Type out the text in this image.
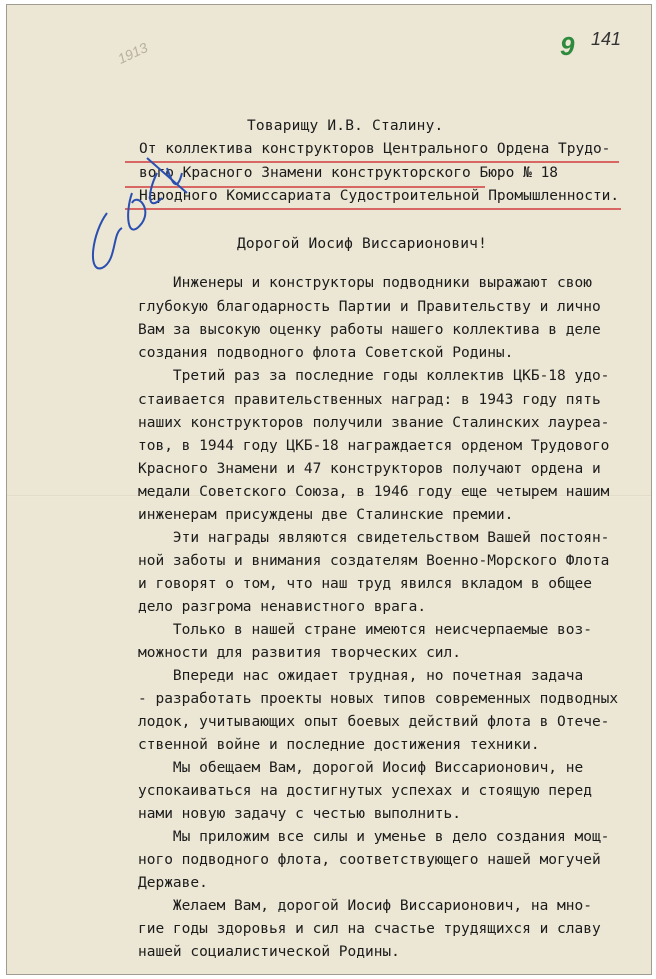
1913	9 141
Товарищу И.В. Сталину.
От коллектива конструкторов Центрального Ордена Трудо-
вого Красного Знамени конструкторского Бюро № 18
Народного Комиссариата Судостроительной Промышленности.
Дорогой Иосиф Виссарионович!
Инженеры и конструкторы подводники выражают свою
глубокую благодарность Партии и Правительству и лично
Вам за высокую оценку работы нашего коллектива в деле
создания подводного флота Советской Родины.
Третий раз за последние годы коллектив ЦКБ-18 удо-
стаивается правительственных наград: в 1943 году пять
наших конструкторов получили звание Сталинских лауреа-
тов, в 1944 году ЦКБ-18 награждается орденом Трудового
Красного Знамени и 47 конструкторов получают ордена и
медали Советского Союза, в 1946 году еще четырем нашим
инженерам присуждены две Сталинские премии.
Эти награды являются свидетельством Вашей постоян-
ной заботы и внимания создателям Военно-Морского Флота
и говорят о том, что наш труд явился вкладом в общее
дело разгрома ненавистного врага.
Только в нашей стране имеются неисчерпаемые воз-
можности для развития творческих сил.
Впереди нас ожидает трудная, но почетная задача
- разработать проекты новых типов современных подводных
лодок, учитывающих опыт боевых действий флота в Отече-
ственной войне и последние достижения техники.
Мы обещаем Вам, дорогой Иосиф Виссарионович, не
успокаиваться на достигнутых успехах и стоящую перед
нами новую задачу с честью выполнить.
Мы приложим все силы и уменье в дело создания мощ-
ного подводного флота, соответствующего нашей могучей
Державе.
Желаем Вам, дорогой Иосиф Виссарионович, на мно-
гие годы здоровья и сил на счастье трудящихся и славу
нашей социалистической Родины.
